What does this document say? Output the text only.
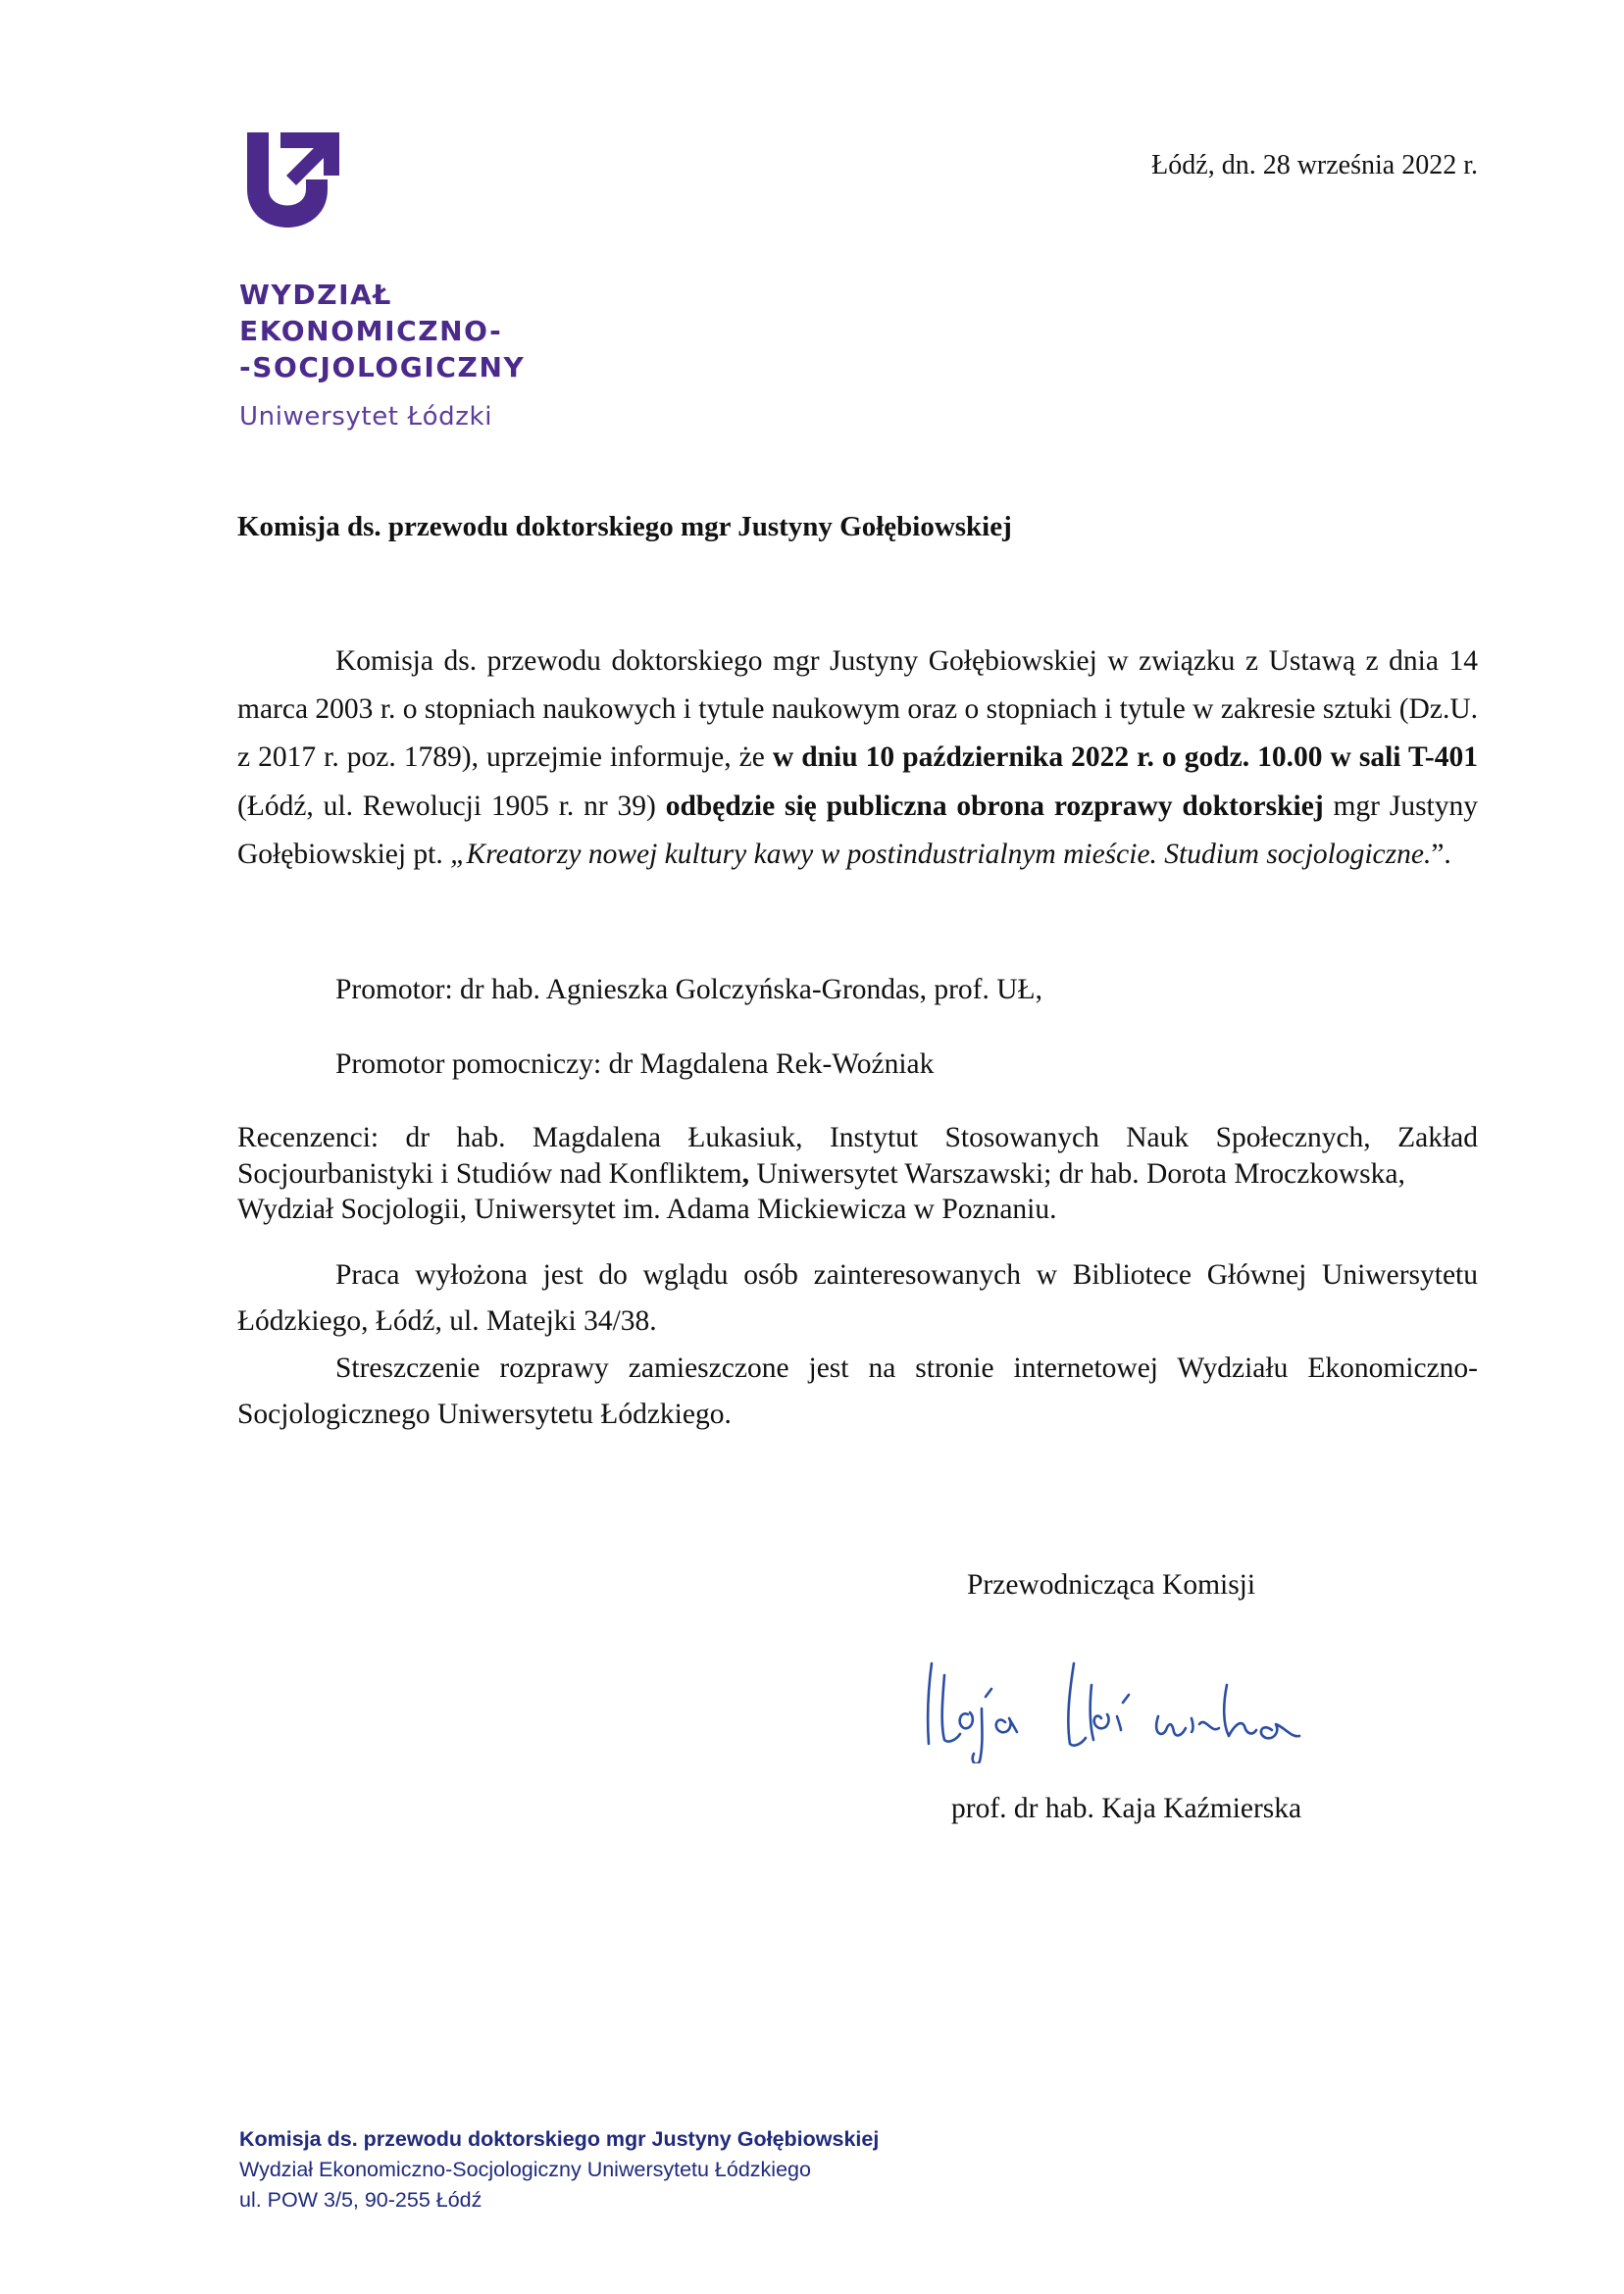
WYDZIAŁ
EKONOMICZNO-
-SOCJOLOGICZNY
Uniwersytet Łódzki
Łódź, dn. 28 września 2022 r.
Komisja ds. przewodu doktorskiego mgr Justyny Gołębiowskiej
Komisja ds. przewodu doktorskiego mgr Justyny Gołębiowskiej w związku z Ustawą z dnia 14 marca 2003 r. o stopniach naukowych i tytule naukowym oraz o stopniach i tytule w zakresie sztuki (Dz.U. z 2017 r. poz. 1789), uprzejmie informuje, że w dniu 10 października 2022 r. o godz. 10.00 w sali T-401 (Łódź, ul. Rewolucji 1905 r. nr 39) odbędzie się publiczna obrona rozprawy doktorskiej mgr Justyny Gołębiowskiej pt. „Kreatorzy nowej kultury kawy w postindustrialnym mieście. Studium socjologiczne.”.
Promotor: dr hab. Agnieszka Golczyńska-Grondas, prof. UŁ,
Promotor pomocniczy: dr Magdalena Rek-Woźniak
Recenzenci: dr hab. Magdalena Łukasiuk, Instytut Stosowanych Nauk Społecznych, Zakład Socjourbanistyki i Studiów nad Konfliktem, Uniwersytet Warszawski; dr hab. Dorota Mroczkowska,
Wydział Socjologii, Uniwersytet im. Adama Mickiewicza w Poznaniu.
Praca wyłożona jest do wglądu osób zainteresowanych w Bibliotece Głównej Uniwersytetu Łódzkiego, Łódź, ul. Matejki 34/38.
Streszczenie rozprawy zamieszczone jest na stronie internetowej Wydziału Ekonomiczno-Socjologicznego Uniwersytetu Łódzkiego.
Przewodnicząca Komisji
prof. dr hab. Kaja Kaźmierska
Komisja ds. przewodu doktorskiego mgr Justyny Gołębiowskiej
Wydział Ekonomiczno-Socjologiczny Uniwersytetu Łódzkiego
ul. POW 3/5, 90-255 Łódź
